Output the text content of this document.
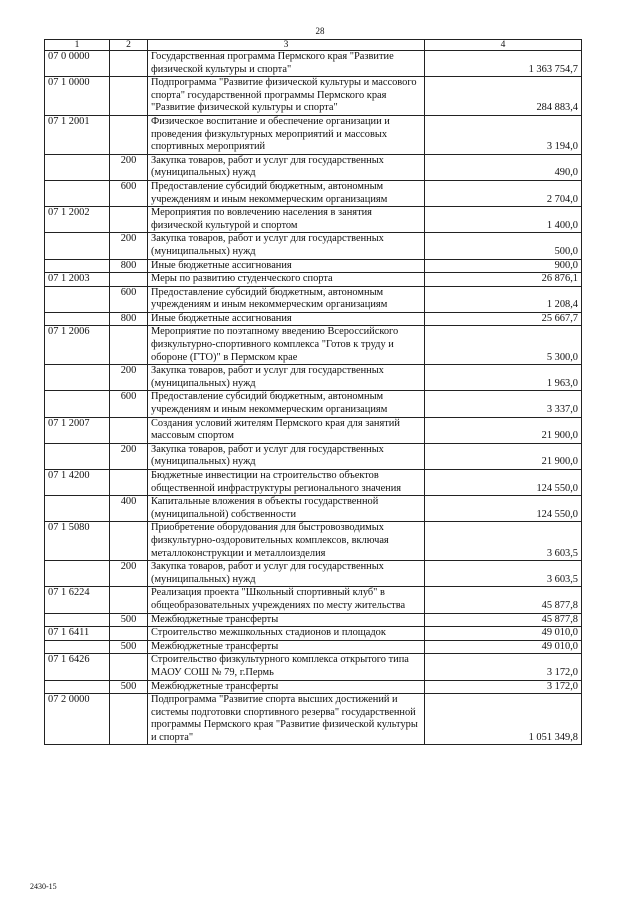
28
1	2	3	4
07 0 0000		Государственная программа Пермского края "Развитие физической культуры и спорта"	1 363 754,7
07 1 0000		Подпрограмма "Развитие физической культуры и массового спорта" государственной программы Пермского края "Развитие физической культуры и спорта"	284 883,4
07 1 2001		Физическое воспитание и обеспечение организации и проведения физкультурных мероприятий и массовых спортивных мероприятий	3 194,0
	200	Закупка товаров, работ и услуг для государственных (муниципальных) нужд	490,0
	600	Предоставление субсидий бюджетным, автономным учреждениям и иным некоммерческим организациям	2 704,0
07 1 2002		Мероприятия по вовлечению населения в занятия физической культурой и спортом	1 400,0
	200	Закупка товаров, работ и услуг для государственных (муниципальных) нужд	500,0
	800	Иные бюджетные ассигнования	900,0
07 1 2003		Меры по развитию студенческого спорта	26 876,1
	600	Предоставление субсидий бюджетным, автономным учреждениям и иным некоммерческим организациям	1 208,4
	800	Иные бюджетные ассигнования	25 667,7
07 1 2006		Мероприятие по поэтапному введению Всероссийского физкультурно-спортивного комплекса "Готов к труду и обороне (ГТО)" в Пермском крае	5 300,0
	200	Закупка товаров, работ и услуг для государственных (муниципальных) нужд	1 963,0
	600	Предоставление субсидий бюджетным, автономным учреждениям и иным некоммерческим организациям	3 337,0
07 1 2007		Создания условий жителям Пермского края для занятий массовым спортом	21 900,0
	200	Закупка товаров, работ и услуг для государственных (муниципальных) нужд	21 900,0
07 1 4200		Бюджетные инвестиции на строительство объектов общественной инфраструктуры регионального значения	124 550,0
	400	Капитальные вложения в объекты государственной (муниципальной) собственности	124 550,0
07 1 5080		Приобретение оборудования для быстровозводимых физкультурно-оздоровительных комплексов, включая металлоконструкции и металлоизделия	3 603,5
	200	Закупка товаров, работ и услуг для государственных (муниципальных) нужд	3 603,5
07 1 6224		Реализация проекта "Школьный спортивный клуб" в общеобразовательных учреждениях по месту жительства	45 877,8
	500	Межбюджетные трансферты	45 877,8
07 1 6411		Строительство межшкольных стадионов и площадок	49 010,0
	500	Межбюджетные трансферты	49 010,0
07 1 6426		Строительство физкультурного комплекса открытого типа МАОУ СОШ № 79, г.Пермь	3 172,0
	500	Межбюджетные трансферты	3 172,0
07 2 0000		Подпрограмма "Развитие спорта высших достижений и системы подготовки спортивного резерва" государственной программы Пермского края "Развитие физической культуры и спорта"	1 051 349,8
2430-15
